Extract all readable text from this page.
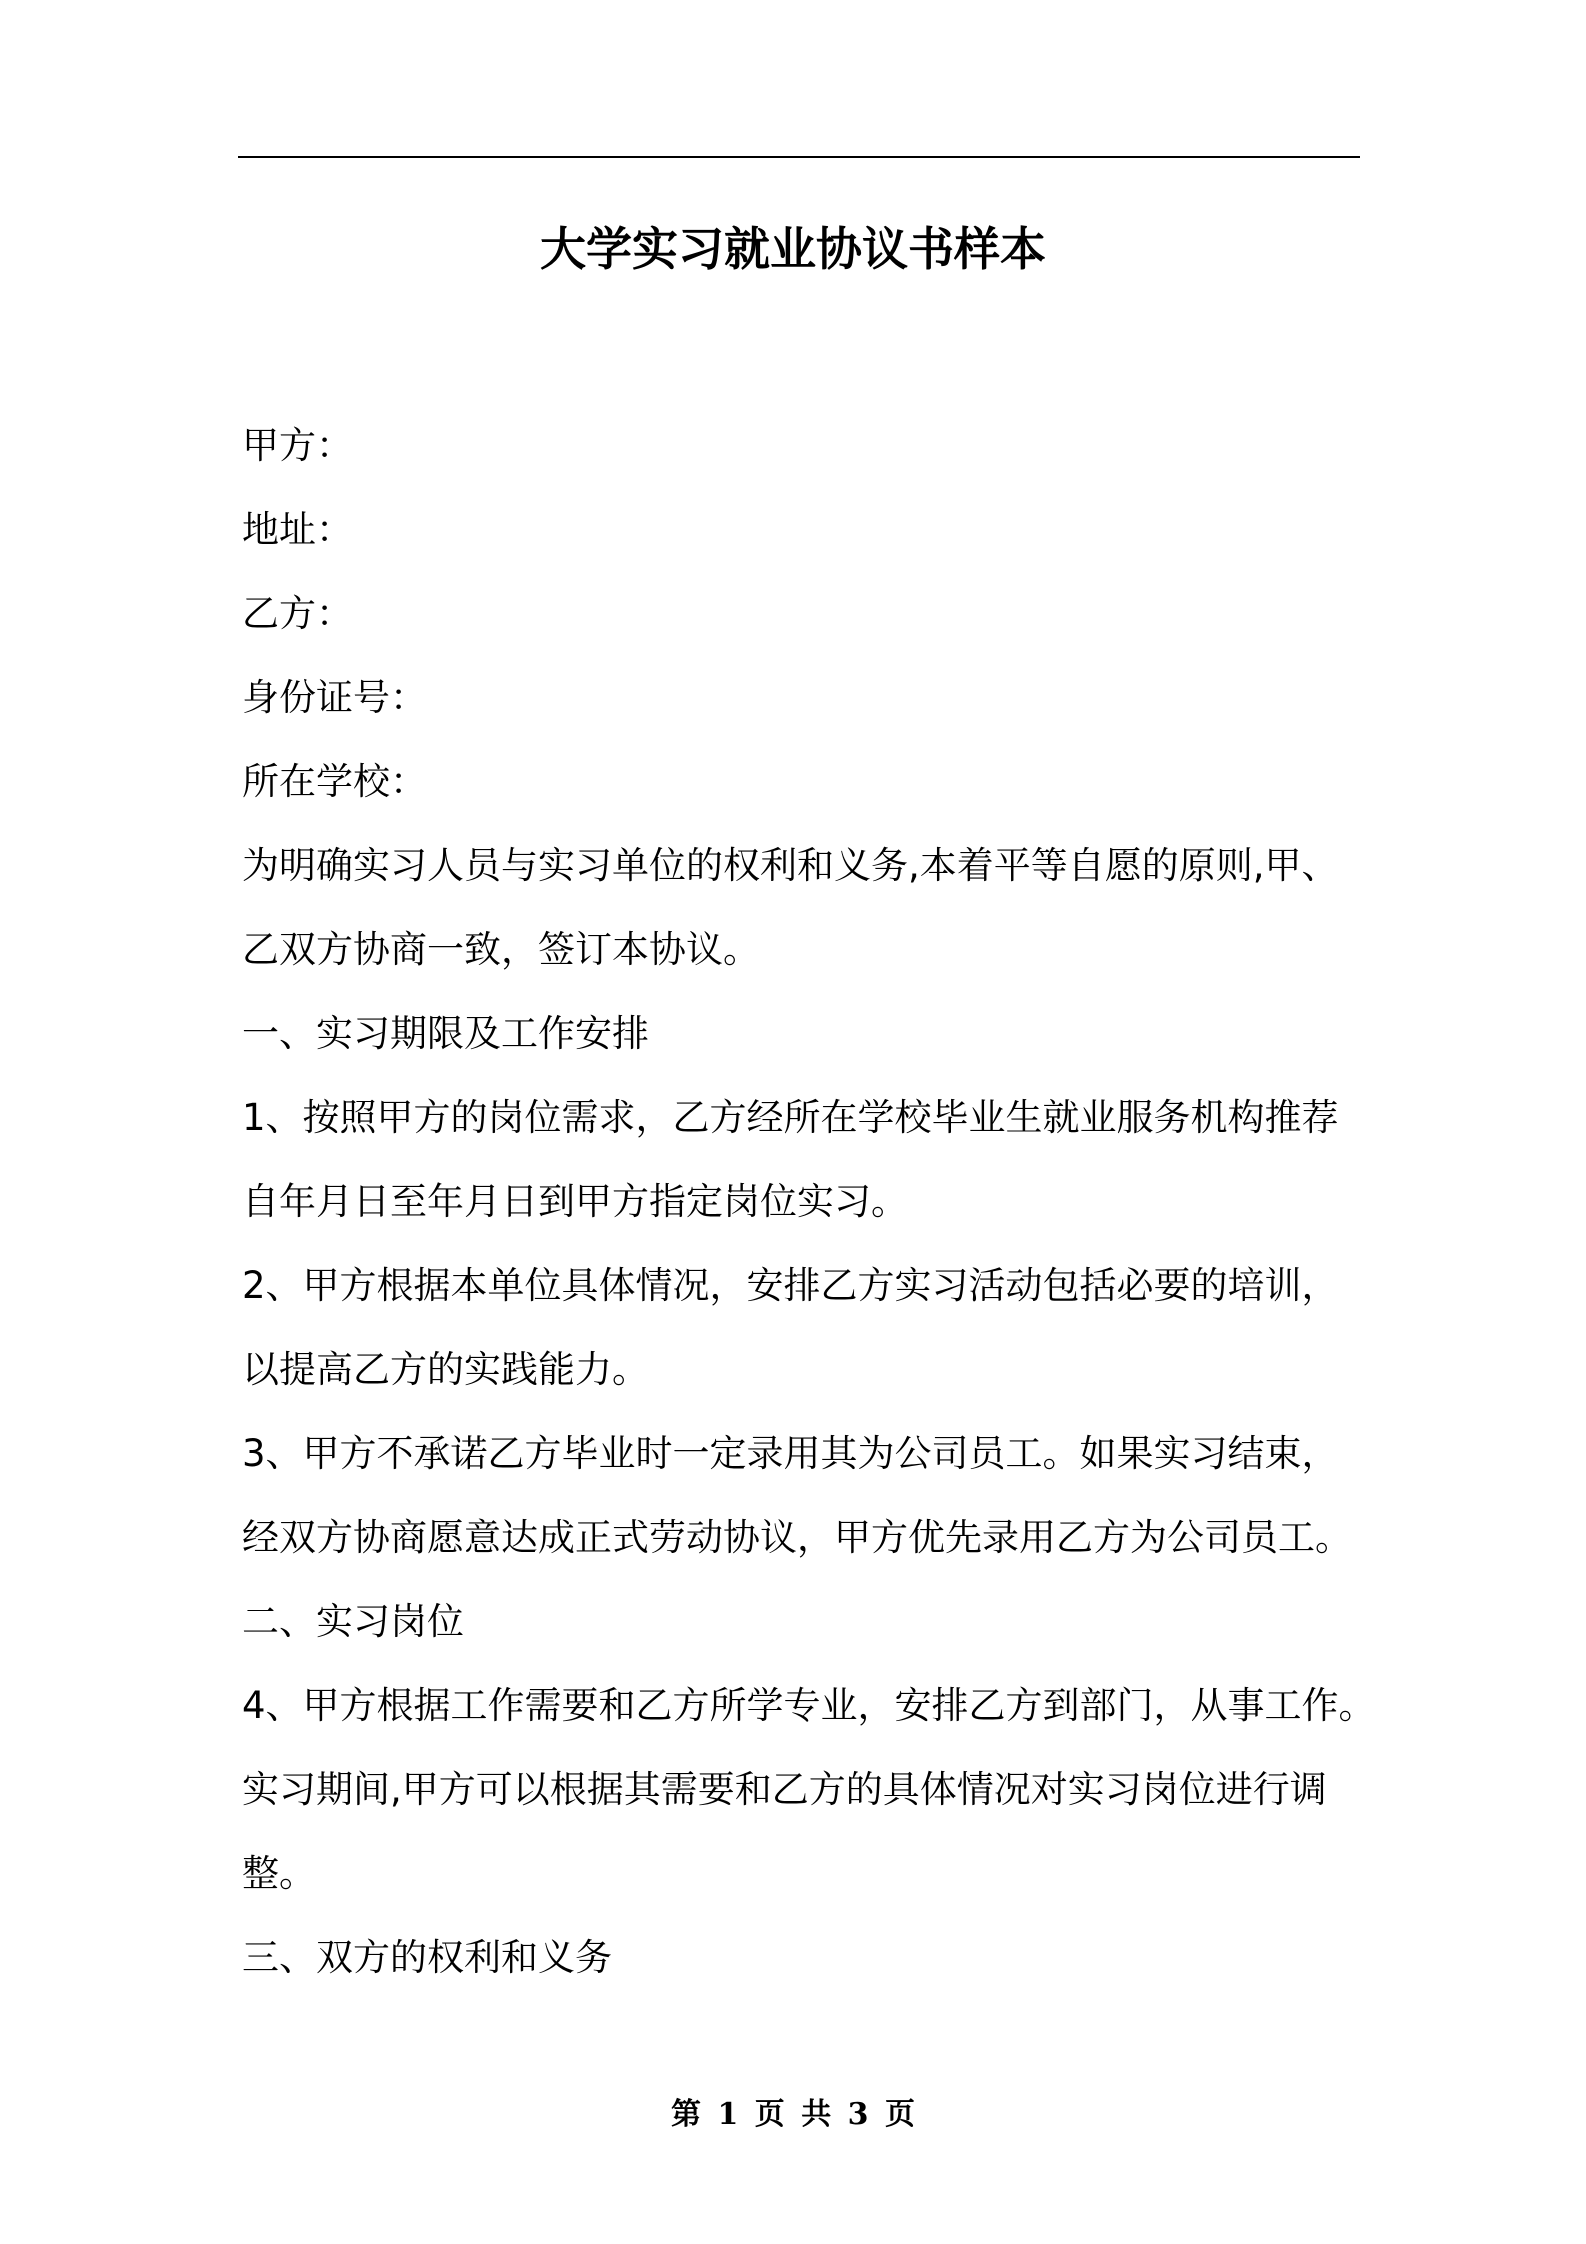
大学实习就业协议书样本
甲方：
地址：
乙方：
身份证号：
所在学校：
为明确实习人员与实习单位的权利和义务,本着平等自愿的原则,甲、
乙双方协商一致，签订本协议。
一、实习期限及工作安排
1、按照甲方的岗位需求，乙方经所在学校毕业生就业服务机构推荐
自年月日至年月日到甲方指定岗位实习。
2、甲方根据本单位具体情况，安排乙方实习活动包括必要的培训，
以提高乙方的实践能力。
3、甲方不承诺乙方毕业时一定录用其为公司员工。如果实习结束，
经双方协商愿意达成正式劳动协议，甲方优先录用乙方为公司员工。
二、实习岗位
4、甲方根据工作需要和乙方所学专业，安排乙方到部门，从事工作。
实习期间,甲方可以根据其需要和乙方的具体情况对实习岗位进行调
整。
三、双方的权利和义务
第 1 页 共 3 页
